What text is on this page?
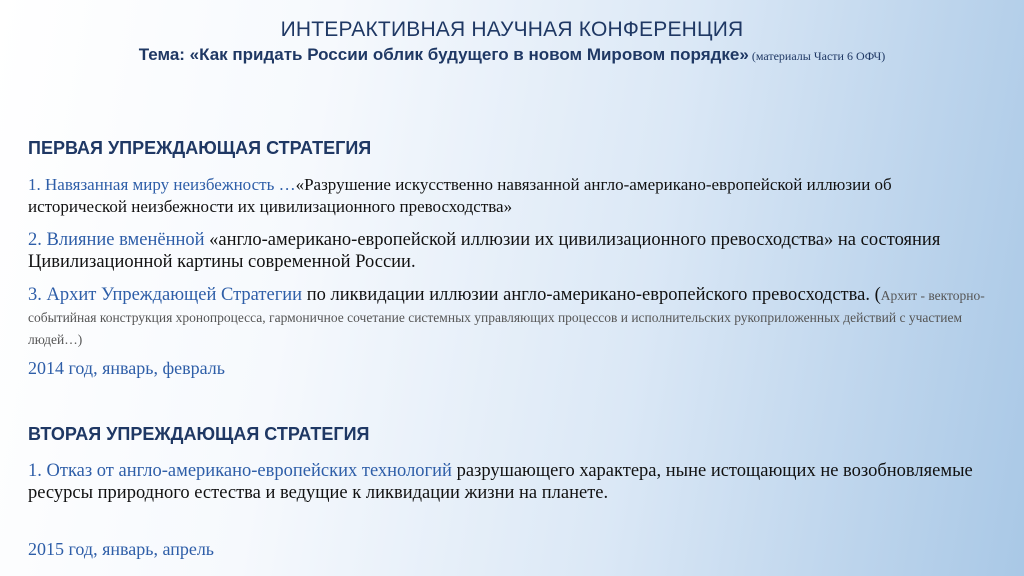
ИНТЕРАКТИВНАЯ НАУЧНАЯ КОНФЕРЕНЦИЯ
Тема: «Как придать России облик будущего в новом Мировом порядке» (материалы Части 6 ОФЧ)
ПЕРВАЯ УПРЕЖДАЮЩАЯ СТРАТЕГИЯ
1. Навязанная миру неизбежность …«Разрушение искусственно навязанной англо-американо-европейской иллюзии об исторической неизбежности их цивилизационного превосходства»
2. Влияние вменённой «англо-американо-европейской иллюзии их цивилизационного превосходства» на состояния Цивилизационной картины современной России.
3. Архит Упреждающей Стратегии по ликвидации иллюзии англо-американо-европейского превосходства. (Архит - векторно-событийная конструкция хронопроцесса, гармоничное сочетание системных управляющих процессов и исполнительских рукоприложенных действий с участием людей…)
2014 год, январь, февраль
ВТОРАЯ УПРЕЖДАЮЩАЯ СТРАТЕГИЯ
1. Отказ от англо-американо-европейских технологий разрушающего характера, ныне истощающих не возобновляемые ресурсы природного естества и ведущие к ликвидации жизни на планете.
2015 год, январь, апрель
